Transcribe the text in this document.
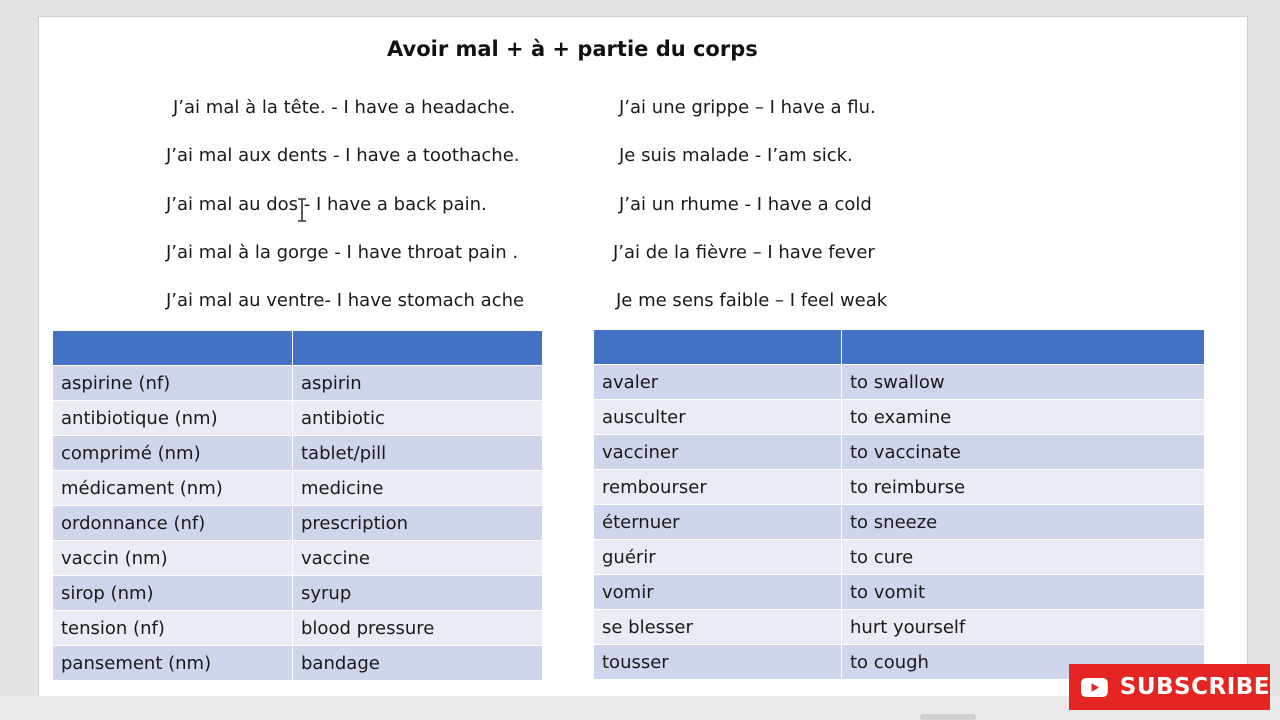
Avoir mal + à + partie du corps
J’ai mal à la tête. - I have a headache.
J’ai mal aux dents - I have a toothache.
J’ai mal au dos - I have a back pain.
J’ai mal à la gorge - I have throat pain .
J’ai mal au ventre- I have stomach ache
J’ai une grippe – I have a flu.
Je suis malade - I’am sick.
J’ai un rhume - I have a cold
J’ai de la fièvre – I have fever
Je me sens faible – I feel weak

aspirine (nf)	aspirin
antibiotique (nm)	antibiotic
comprimé (nm)	tablet/pill
médicament (nm)	medicine
ordonnance (nf)	prescription
vaccin (nm)	vaccine
sirop (nm)	syrup
tension (nf)	blood pressure
pansement (nm)	bandage

avaler	to swallow
ausculter	to examine
vacciner	to vaccinate
rembourser	to reimburse
éternuer	to sneeze
guérir	to cure
vomir	to vomit
se blesser	hurt yourself
tousser	to cough
SUBSCRIBE
